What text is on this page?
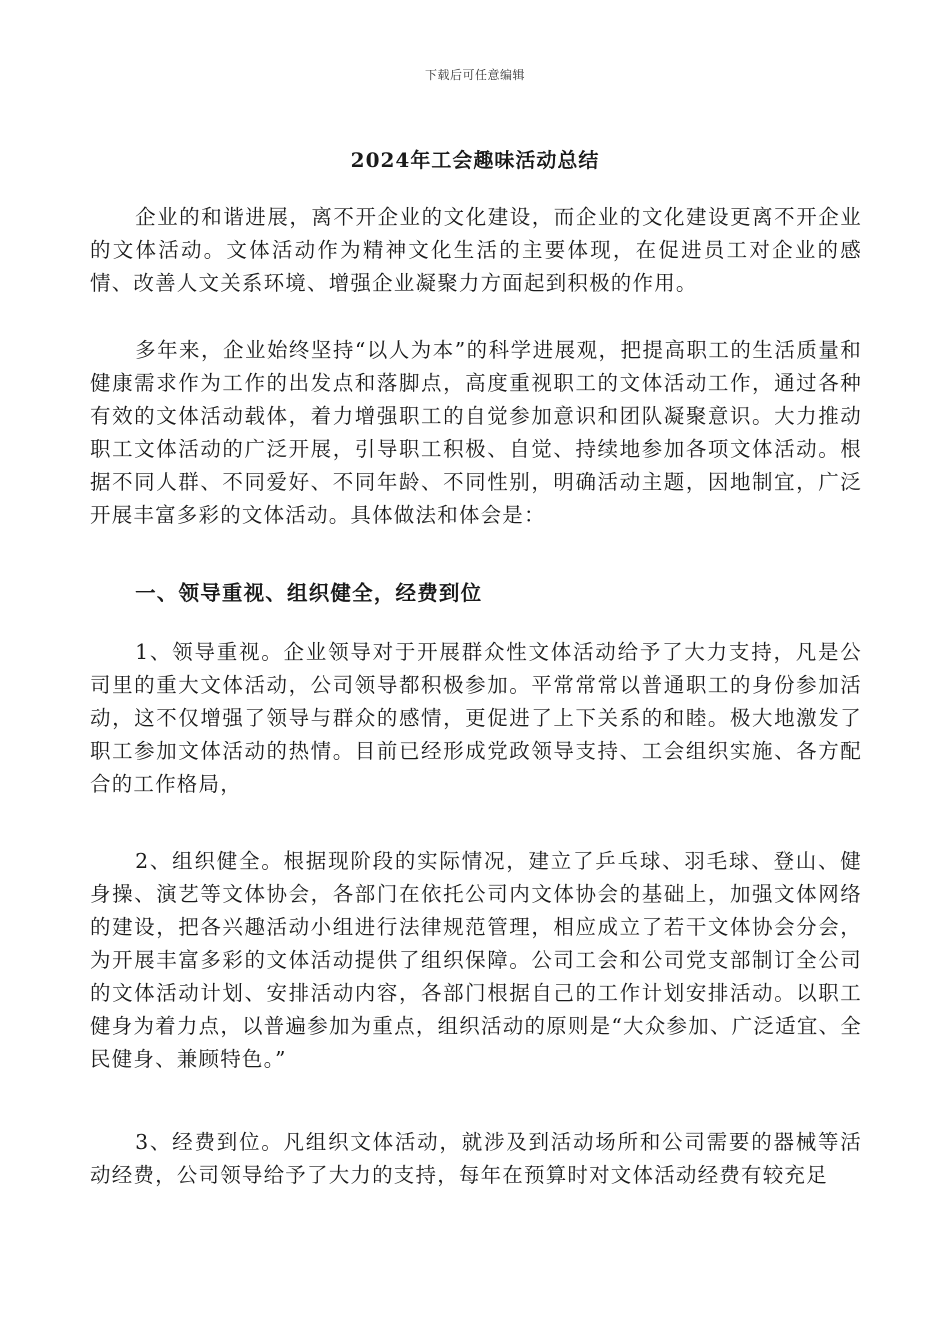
下载后可任意编辑
2024年工会趣味活动总结

企业的和谐进展，离不开企业的文化建设，而企业的文化建设更离不开企业的文体活动。文体活动作为精神文化生活的主要体现，在促进员工对企业的感情、改善人文关系环境、增强企业凝聚力方面起到积极的作用。

多年来，企业始终坚持“以人为本”的科学进展观，把提高职工的生活质量和健康需求作为工作的出发点和落脚点，高度重视职工的文体活动工作，通过各种有效的文体活动载体，着力增强职工的自觉参加意识和团队凝聚意识。大力推动职工文体活动的广泛开展，引导职工积极、自觉、持续地参加各项文体活动。根据不同人群、不同爱好、不同年龄、不同性别，明确活动主题，因地制宜，广泛开展丰富多彩的文体活动。具体做法和体会是：

一、领导重视、组织健全，经费到位

1、领导重视。企业领导对于开展群众性文体活动给予了大力支持，凡是公司里的重大文体活动，公司领导都积极参加。平常常常以普通职工的身份参加活动，这不仅增强了领导与群众的感情，更促进了上下关系的和睦。极大地激发了职工参加文体活动的热情。目前已经形成党政领导支持、工会组织实施、各方配合的工作格局，

2、组织健全。根据现阶段的实际情况，建立了乒乓球、羽毛球、登山、健身操、演艺等文体协会，各部门在依托公司内文体协会的基础上，加强文体网络的建设，把各兴趣活动小组进行法律规范管理，相应成立了若干文体协会分会，为开展丰富多彩的文体活动提供了组织保障。公司工会和公司党支部制订全公司的文体活动计划、安排活动内容，各部门根据自己的工作计划安排活动。以职工健身为着力点，以普遍参加为重点，组织活动的原则是“大众参加、广泛适宜、全民健身、兼顾特色。”

3、经费到位。凡组织文体活动，就涉及到活动场所和公司需要的器械等活动经费，公司领导给予了大力的支持，每年在预算时对文体活动经费有较充足
